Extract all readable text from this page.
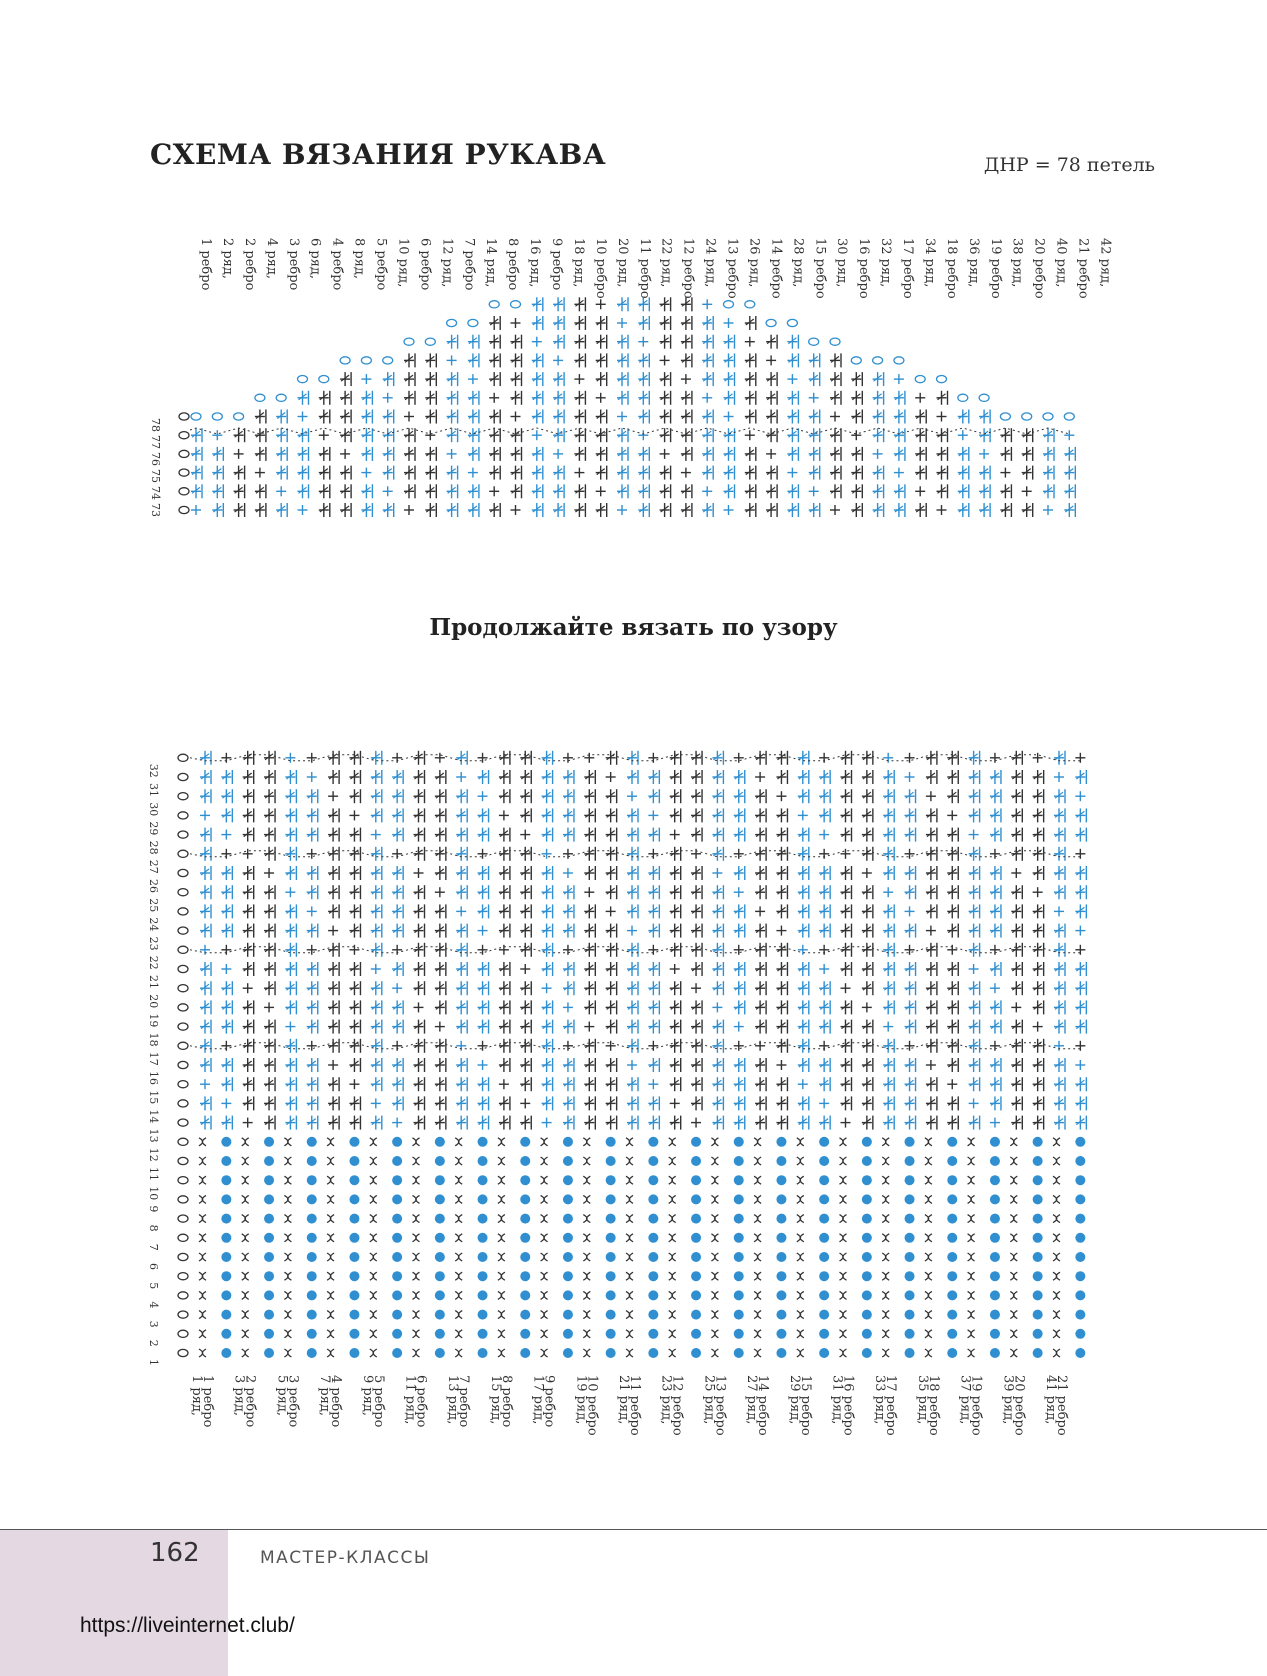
СХЕМА ВЯЗАНИЯ РУКАВА	ДНР = 78 петель
1 ребро 2 ряд, 2 ребро 4 ряд, 3 ребро 6 ряд, 4 ребро 8 ряд, 5 ребро 10 ряд, 6 ребро 12 ряд, 7 ребро 14 ряд, 8 ребро 16 ряд, 9 ребро 18 ряд, 10 ребро 20 ряд, 11 ребро 22 ряд, 12 ребро 24 ряд, 13 ребро 26 ряд, 14 ребро 28 ряд, 15 ребро 30 ряд, 16 ребро 32 ряд, 17 ребро 34 ряд, 18 ребро 36 ряд, 19 ребро 38 ряд, 20 ребро 40 ряд, 21 ребро 42 ряд,
78
77
76
75
74
73
1
2
3
4
5
6
7
8
9
10
11
12
13
14
15
16
17
18
19
20
21
22
23
24
25
26
27
28
29
30
31
32
1 ряд, 3 ряд, 5 ряд, 7 ряд, 9 ряд, 11 ряд, 13 ряд, 15 ряд, 17 ряд, 19 ряд, 21 ряд, 23 ряд, 25 ряд, 27 ряд, 29 ряд, 31 ряд, 33 ряд, 35 ряд, 37 ряд, 39 ряд, 41 ряд,
1 ребро 2 ребро 3 ребро 4 ребро 5 ребро 6 ребро 7 ребро 8 ребро 9 ребро 10 ребро 11 ребро 12 ребро 13 ребро 14 ребро 15 ребро 16 ребро 17 ребро 18 ребро 19 ребро 20 ребро 21 ребро
Продолжайте вязать по узору
162	МАСТЕР-КЛАССЫ
https://liveinternet.club/
